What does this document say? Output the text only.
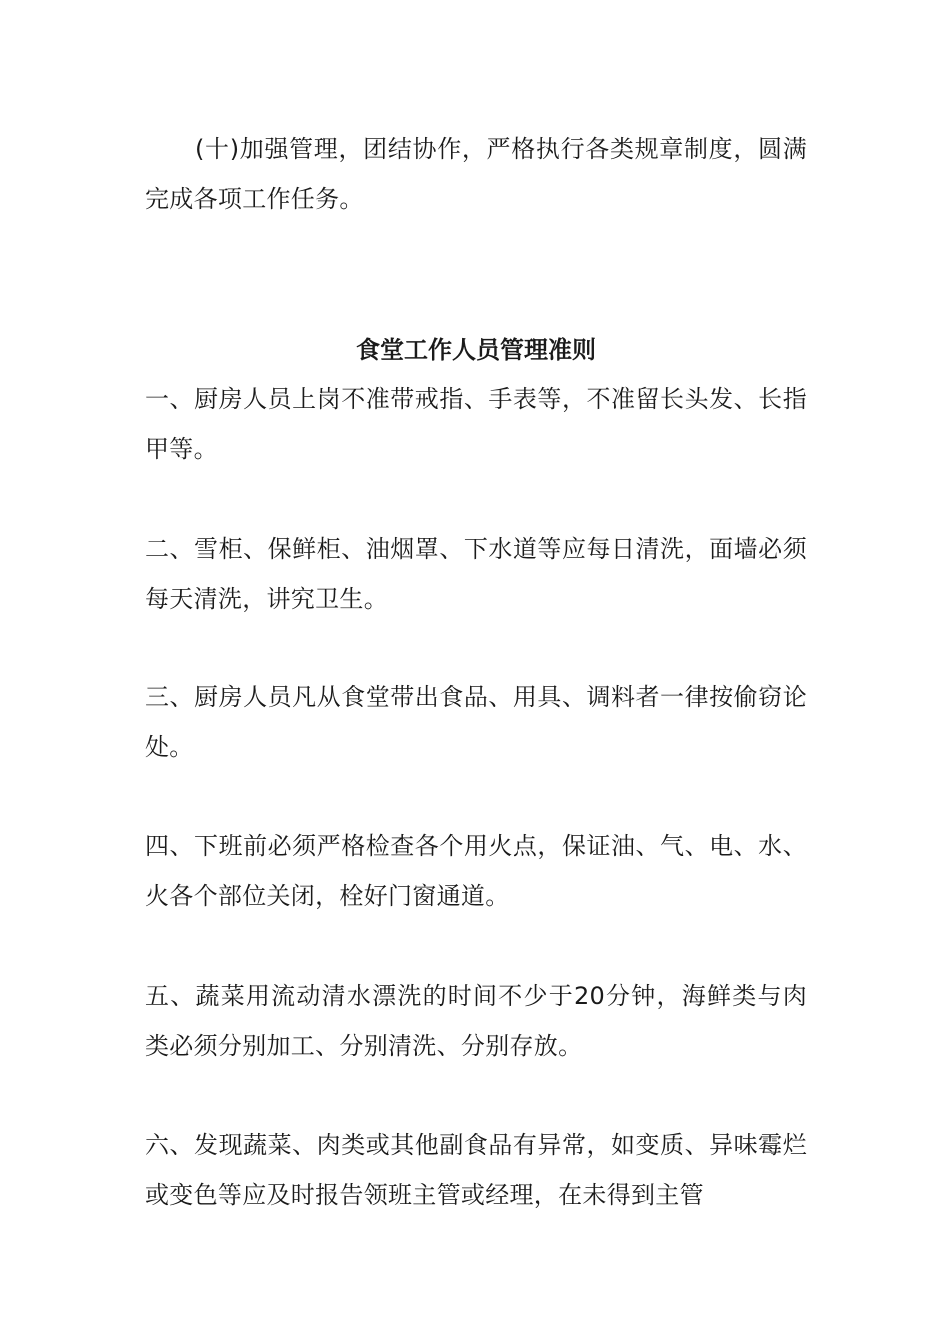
(十)加强管理，团结协作，严格执行各类规章制度，圆满完成各项工作任务。

食堂工作人员管理准则

一、厨房人员上岗不准带戒指、手表等，不准留长头发、长指甲等。

二、雪柜、保鲜柜、油烟罩、下水道等应每日清洗，面墙必须每天清洗，讲究卫生。

三、厨房人员凡从食堂带出食品、用具、调料者一律按偷窃论处。

四、下班前必须严格检查各个用火点，保证油、气、电、水、火各个部位关闭，栓好门窗通道。

五、蔬菜用流动清水漂洗的时间不少于20分钟，海鲜类与肉类必须分别加工、分别清洗、分别存放。

六、发现蔬菜、肉类或其他副食品有异常，如变质、异味霉烂或变色等应及时报告领班主管或经理，在未得到主管
